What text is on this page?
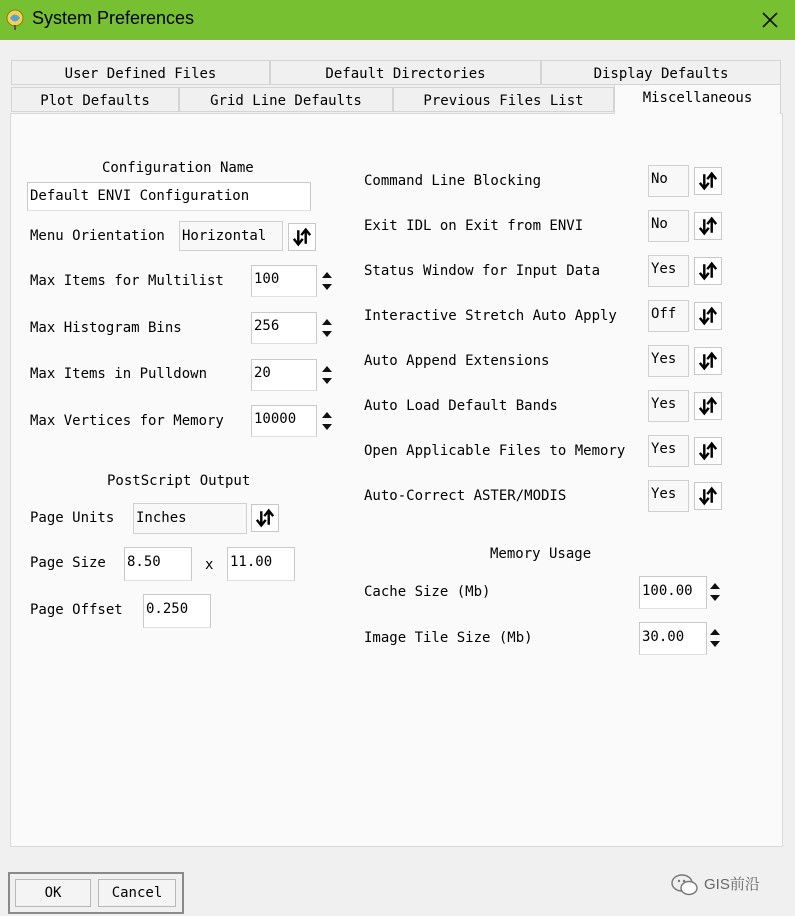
System Preferences
User Defined Files	Default Directories	Display Defaults
Plot Defaults	Grid Line Defaults	Previous Files List	Miscellaneous
Configuration Name
Default ENVI Configuration
Menu Orientation Horizontal
Max Items for Multilist 100
Max Histogram Bins	256
Max Items in Pulldown	20
Max Vertices for Memory 10000
PostScript Output
Page Units Inches
Page Size 8.50	x 11.00
Page Offset 0.250
Command Line Blocking	No
Exit IDL on Exit from ENVI	No
Status Window for Input Data	Yes
Interactive Stretch Auto Apply Off
Auto Append Extensions	Yes
Auto Load Default Bands	Yes
Open Applicable Files to Memory Yes
Auto-Correct ASTER/MODIS	Yes
Memory Usage
Cache Size (Mb)	100.00
Image Tile Size (Mb)	30.00
OK	Cancel	GIS前沿
